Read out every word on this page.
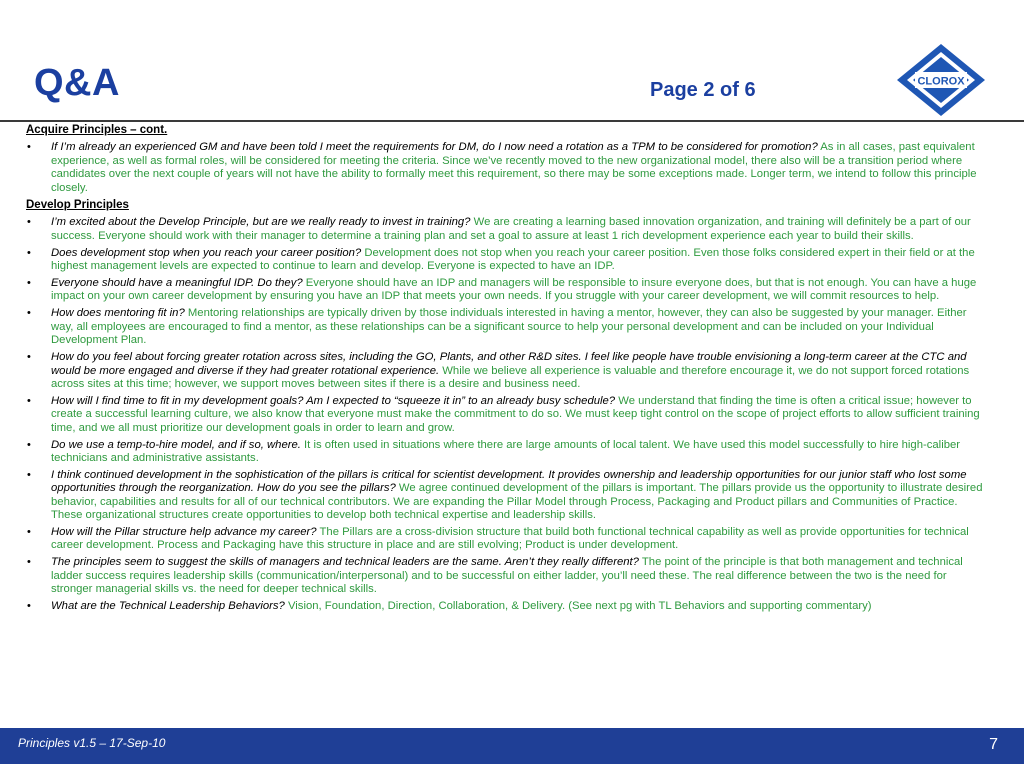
Q&A	Page 2 of 6	CLOROX
Acquire Principles – cont.
• If I’m already an experienced GM and have been told I meet the requirements for DM, do I now need a rotation as a TPM to be considered for promotion? As in all cases, past equivalent experience, as well as formal roles, will be considered for meeting the criteria. Since we’ve recently moved to the new organizational model, there also will be a transition period where candidates over the next couple of years will not have the ability to formally meet this requirement, so there may be some exceptions made. Longer term, we intend to follow this principle closely.
Develop Principles
• I’m excited about the Develop Principle, but are we really ready to invest in training? We are creating a learning based innovation organization, and training will definitely be a part of our success. Everyone should work with their manager to determine a training plan and set a goal to assure at least 1 rich development experience each year to build their skills.
• Does development stop when you reach your career position? Development does not stop when you reach your career position. Even those folks considered expert in their field or at the highest management levels are expected to continue to learn and develop. Everyone is expected to have an IDP.
• Everyone should have a meaningful IDP. Do they? Everyone should have an IDP and managers will be responsible to insure everyone does, but that is not enough. You can have a huge impact on your own career development by ensuring you have an IDP that meets your own needs. If you struggle with your career development, we will commit resources to help.
• How does mentoring fit in? Mentoring relationships are typically driven by those individuals interested in having a mentor, however, they can also be suggested by your manager. Either way, all employees are encouraged to find a mentor, as these relationships can be a significant source to help your personal development and can be included on your Individual Development Plan.
• How do you feel about forcing greater rotation across sites, including the GO, Plants, and other R&D sites. I feel like people have trouble envisioning a long-term career at the CTC and would be more engaged and diverse if they had greater rotational experience. While we believe all experience is valuable and therefore encourage it, we do not support forced rotations across sites at this time; however, we support moves between sites if there is a desire and business need.
• How will I find time to fit in my development goals? Am I expected to “squeeze it in” to an already busy schedule? We understand that finding the time is often a critical issue; however to create a successful learning culture, we also know that everyone must make the commitment to do so. We must keep tight control on the scope of project efforts to allow sufficient training time, and we all must prioritize our development goals in order to learn and grow.
• Do we use a temp-to-hire model, and if so, where. It is often used in situations where there are large amounts of local talent. We have used this model successfully to hire high-caliber technicians and administrative assistants.
• I think continued development in the sophistication of the pillars is critical for scientist development. It provides ownership and leadership opportunities for our junior staff who lost some opportunities through the reorganization. How do you see the pillars? We agree continued development of the pillars is important. The pillars provide us the opportunity to illustrate desired behavior, capabilities and results for all of our technical contributors. We are expanding the Pillar Model through Process, Packaging and Product pillars and Communities of Practice. These organizational structures create opportunities to develop both technical expertise and leadership skills.
• How will the Pillar structure help advance my career? The Pillars are a cross-division structure that build both functional technical capability as well as provide opportunities for technical career development. Process and Packaging have this structure in place and are still evolving; Product is under development.
• The principles seem to suggest the skills of managers and technical leaders are the same. Aren’t they really different? The point of the principle is that both management and technical ladder success requires leadership skills (communication/interpersonal) and to be successful on either ladder, you’ll need these. The real difference between the two is the need for stronger managerial skills vs. the need for deeper technical skills.
• What are the Technical Leadership Behaviors? Vision, Foundation, Direction, Collaboration, & Delivery. (See next pg with TL Behaviors and supporting commentary)
Principles v1.5 – 17-Sep-10	7
